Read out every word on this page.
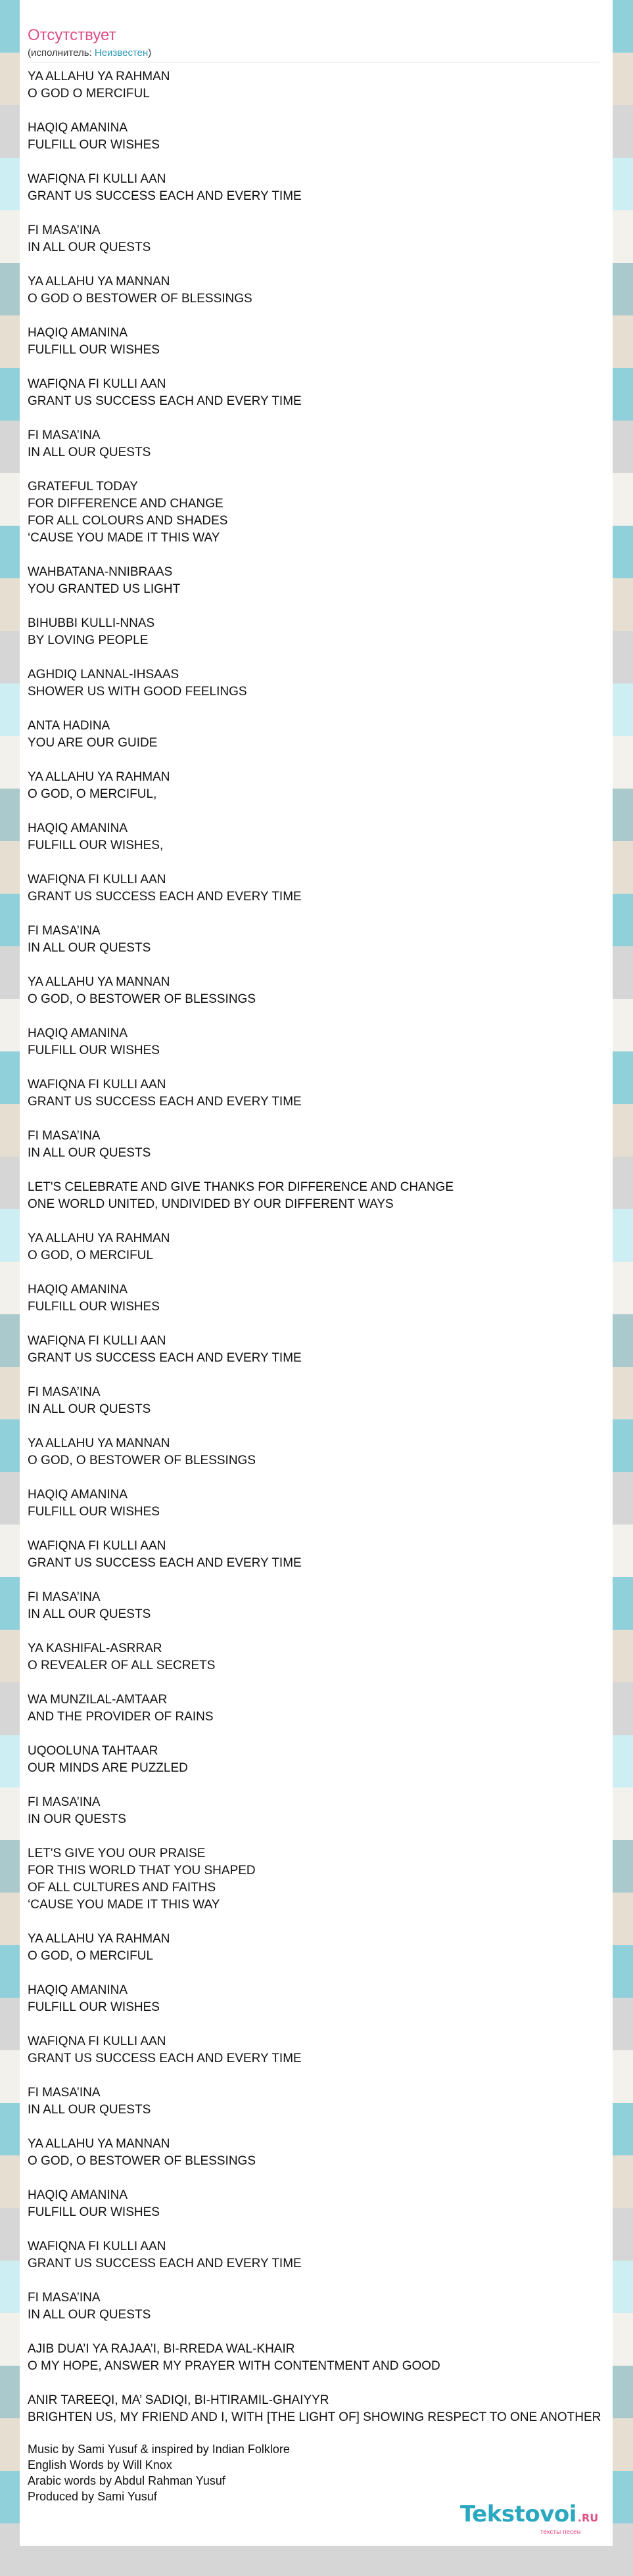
Отсутствует
(исполнитель: Неизвестен)
YA ALLAHU YA RAHMAN
O GOD O MERCIFUL
HAQIQ AMANINA
FULFILL OUR WISHES
WAFIQNA FI KULLI AAN
GRANT US SUCCESS EACH AND EVERY TIME
FI MASA’INA
IN ALL OUR QUESTS
YA ALLAHU YA MANNAN
O GOD O BESTOWER OF BLESSINGS
HAQIQ AMANINA
FULFILL OUR WISHES
WAFIQNA FI KULLI AAN
GRANT US SUCCESS EACH AND EVERY TIME
FI MASA’INA
IN ALL OUR QUESTS
GRATEFUL TODAY
FOR DIFFERENCE AND CHANGE
FOR ALL COLOURS AND SHADES
‘CAUSE YOU MADE IT THIS WAY
WAHBATANA-NNIBRAAS
YOU GRANTED US LIGHT
BIHUBBI KULLI-NNAS
BY LOVING PEOPLE
AGHDIQ LANNAL-IHSAAS
SHOWER US WITH GOOD FEELINGS
ANTA HADINA
YOU ARE OUR GUIDE
YA ALLAHU YA RAHMAN
O GOD, O MERCIFUL,
HAQIQ AMANINA
FULFILL OUR WISHES,
WAFIQNA FI KULLI AAN
GRANT US SUCCESS EACH AND EVERY TIME
FI MASA’INA
IN ALL OUR QUESTS
YA ALLAHU YA MANNAN
O GOD, O BESTOWER OF BLESSINGS
HAQIQ AMANINA
FULFILL OUR WISHES
WAFIQNA FI KULLI AAN
GRANT US SUCCESS EACH AND EVERY TIME
FI MASA’INA
IN ALL OUR QUESTS
LET'S CELEBRATE AND GIVE THANKS FOR DIFFERENCE AND CHANGE
ONE WORLD UNITED, UNDIVIDED BY OUR DIFFERENT WAYS
YA ALLAHU YA RAHMAN
O GOD, O MERCIFUL
HAQIQ AMANINA
FULFILL OUR WISHES
WAFIQNA FI KULLI AAN
GRANT US SUCCESS EACH AND EVERY TIME
FI MASA’INA
IN ALL OUR QUESTS
YA ALLAHU YA MANNAN
O GOD, O BESTOWER OF BLESSINGS
HAQIQ AMANINA
FULFILL OUR WISHES
WAFIQNA FI KULLI AAN
GRANT US SUCCESS EACH AND EVERY TIME
FI MASA’INA
IN ALL OUR QUESTS
YA KASHIFAL-ASRRAR
O REVEALER OF ALL SECRETS
WA MUNZILAL-AMTAAR
AND THE PROVIDER OF RAINS
UQOOLUNA TAHTAAR
OUR MINDS ARE PUZZLED
FI MASA’INA
IN OUR QUESTS
LET'S GIVE YOU OUR PRAISE
FOR THIS WORLD THAT YOU SHAPED
OF ALL CULTURES AND FAITHS
‘CAUSE YOU MADE IT THIS WAY
YA ALLAHU YA RAHMAN
O GOD, O MERCIFUL
HAQIQ AMANINA
FULFILL OUR WISHES
WAFIQNA FI KULLI AAN
GRANT US SUCCESS EACH AND EVERY TIME
FI MASA’INA
IN ALL OUR QUESTS
YA ALLAHU YA MANNAN
O GOD, O BESTOWER OF BLESSINGS
HAQIQ AMANINA
FULFILL OUR WISHES
WAFIQNA FI KULLI AAN
GRANT US SUCCESS EACH AND EVERY TIME
FI MASA’INA
IN ALL OUR QUESTS
AJIB DUA’I YA RAJAA’I, BI-RREDA WAL-KHAIR
O MY HOPE, ANSWER MY PRAYER WITH CONTENTMENT AND GOOD
ANIR TAREEQI, MA’ SADIQI, BI-HTIRAMIL-GHAIYYR
BRIGHTEN US, MY FRIEND AND I, WITH [THE LIGHT OF] SHOWING RESPECT TO ONE ANOTHER
Music by Sami Yusuf & inspired by Indian Folklore
English Words by Will Knox
Arabic words by Abdul Rahman Yusuf
Produced by Sami Yusuf
Tekstovoi .RU
тексты песен
